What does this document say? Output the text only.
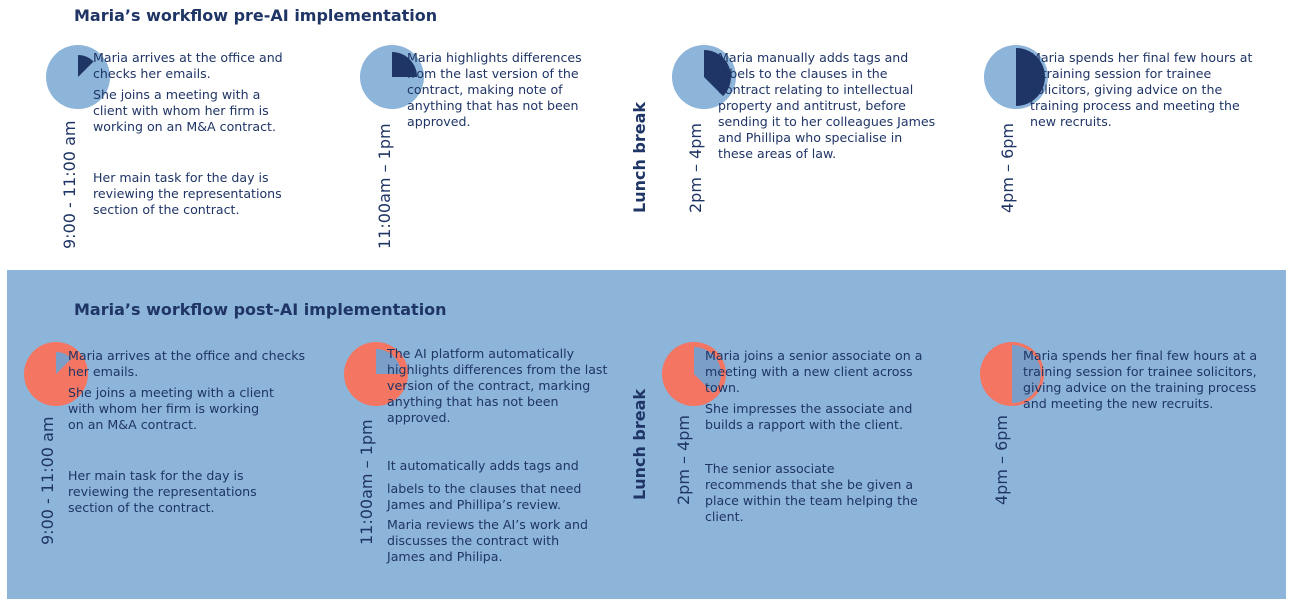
Maria’s workflow pre-AI implementation
9:00 - 11:00 am
Maria arrives at the office and checks her emails.
She joins a meeting with a client with whom her firm is working on an M&A contract.
Her main task for the day is reviewing the representations section of the contract.	11:00am – 1pm
Maria highlights differences from the last version of the contract, making note of anything that has not been approved.	Lunch break 2pm – 4pm
Maria manually adds tags and labels to the clauses in the contract relating to intellectual property and antitrust, before sending it to her colleagues James and Phillipa who specialise in these areas of law.	4pm – 6pm
Maria spends her final few hours at a training session for trainee solicitors, giving advice on the training process and meeting the new recruits.
Maria’s workflow post-AI implementation
9:00 - 11:00 am
Maria arrives at the office and checks her emails.
She joins a meeting with a client with whom her firm is working on an M&A contract.
Her main task for the day is reviewing the representations section of the contract.	11:00am – 1pm
The AI platform automatically highlights differences from the last version of the contract, marking anything that has not been approved.
It automatically adds tags and
labels to the clauses that need James and Phillipa’s review.
Maria reviews the AI’s work and discusses the contract with James and Philipa.
Lunch break 2pm – 4pm
Maria joins a senior associate on a meeting with a new client across town.
She impresses the associate and builds a rapport with the client.
The senior associate recommends that she be given a place within the team helping the client.
4pm – 6pm
Maria spends her final few hours at a training session for trainee solicitors, giving advice on the training process and meeting the new recruits.
